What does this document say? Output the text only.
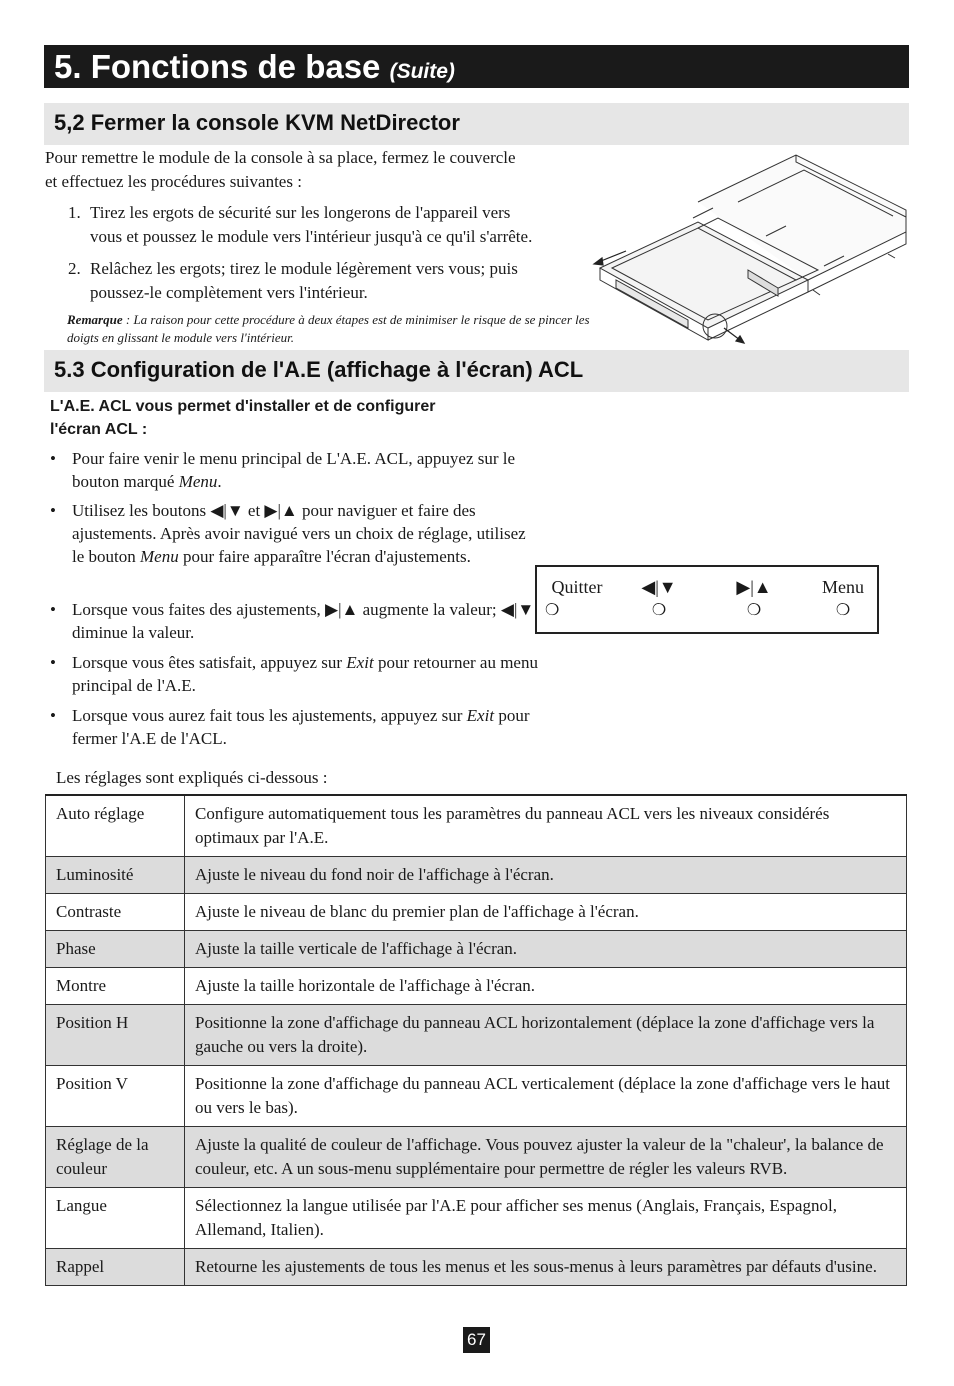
5. Fonctions de base (Suite)
5,2 Fermer la console KVM NetDirector
Pour remettre le module de la console à sa place, fermez le couvercle
et effectuez les procédures suivantes :
1. Tirez les ergots de sécurité sur les longerons de l'appareil vers
vous et poussez le module vers l'intérieur jusqu'à ce qu'il s'arrête.
2. Relâchez les ergots; tirez le module légèrement vers vous; puis
poussez-le complètement vers l'intérieur.
Remarque : La raison pour cette procédure à deux étapes est de minimiser le risque de se pincer les doigts en glissant le module vers l'intérieur.
5.3 Configuration de l'A.E (affichage à l'écran) ACL
L'A.E. ACL vous permet d'installer et de configurer
l'écran ACL :
• Pour faire venir le menu principal de L'A.E. ACL, appuyez sur le bouton marqué Menu.
• Utilisez les boutons ◀|▼ et ▶|▲ pour naviguer et faire des ajustements. Après avoir navigué vers un choix de réglage, utilisez le bouton Menu pour faire apparaître l'écran d'ajustements.
• Lorsque vous faites des ajustements, ▶|▲ augmente la valeur; ◀|▼ diminue la valeur.
• Lorsque vous êtes satisfait, appuyez sur Exit pour retourner au menu principal de l'A.E.
• Lorsque vous aurez fait tous les ajustements, appuyez sur Exit pour fermer l'A.E de l'ACL.
Quitter
❍
◀|▼
❍
▶|▲
❍
Menu
❍
Les réglages sont expliqués ci-dessous :
Auto réglage	Configure automatiquement tous les paramètres du panneau ACL vers les niveaux considérés optimaux par l'A.E.
Luminosité	Ajuste le niveau du fond noir de l'affichage à l'écran.
Contraste	Ajuste le niveau de blanc du premier plan de l'affichage à l'écran.
Phase	Ajuste la taille verticale de l'affichage à l'écran.
Montre	Ajuste la taille horizontale de l'affichage à l'écran.
Position H	Positionne la zone d'affichage du panneau ACL horizontalement (déplace la zone d'affichage vers la gauche ou vers la droite).
Position V	Positionne la zone d'affichage du panneau ACL verticalement (déplace la zone d'affichage vers le haut ou vers le bas).
Réglage de la couleur	Ajuste la qualité de couleur de l'affichage. Vous pouvez ajuster la valeur de la "chaleur', la balance de couleur, etc. A un sous-menu supplémentaire pour permettre de régler les valeurs RVB.
Langue	Sélectionnez la langue utilisée par l'A.E pour afficher ses menus (Anglais, Français, Espagnol, Allemand, Italien).
Rappel	Retourne les ajustements de tous les menus et les sous-menus à leurs paramètres par défauts d'usine.
67
